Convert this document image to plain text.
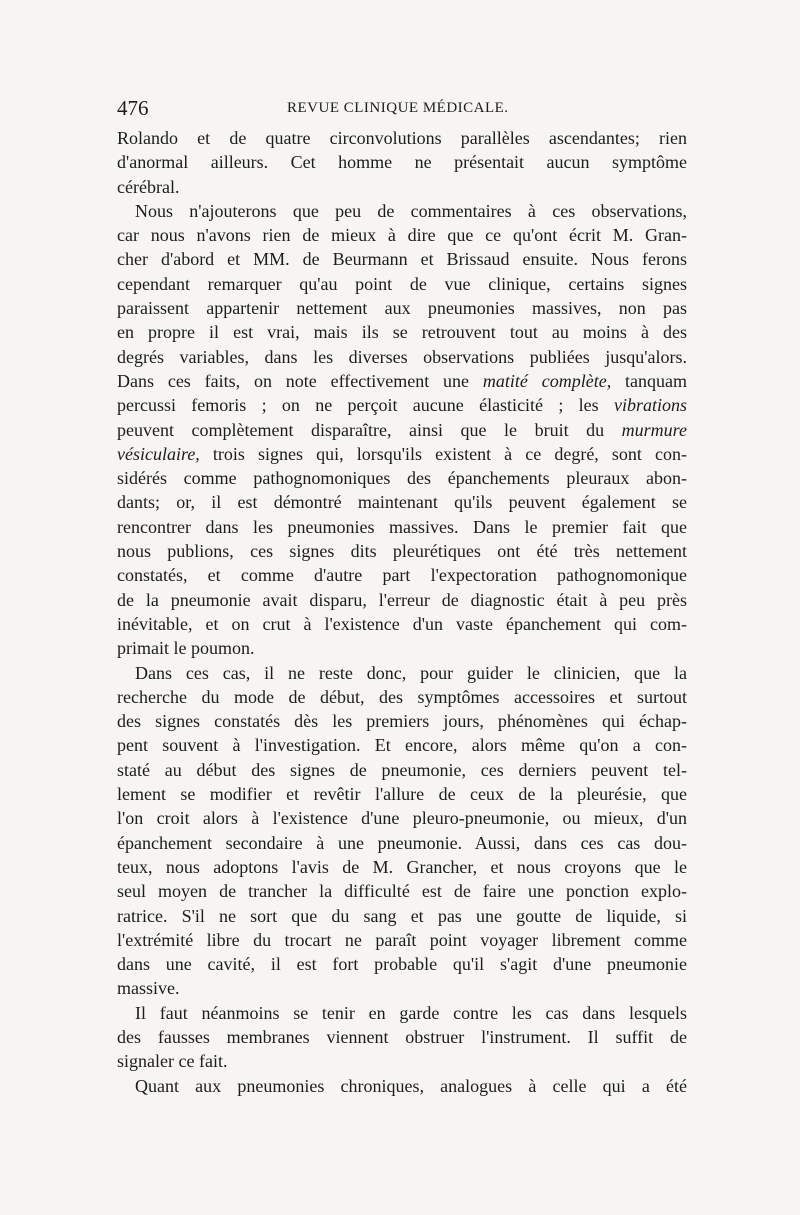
476	REVUE CLINIQUE MÉDICALE.
Rolando et de quatre circonvolutions parallèles ascendantes; rien
d'anormal ailleurs. Cet homme ne présentait aucun symptôme
cérébral.
Nous n'ajouterons que peu de commentaires à ces observations,
car nous n'avons rien de mieux à dire que ce qu'ont écrit M. Gran-
cher d'abord et MM. de Beurmann et Brissaud ensuite. Nous ferons
cependant remarquer qu'au point de vue clinique, certains signes
paraissent appartenir nettement aux pneumonies massives, non pas
en propre il est vrai, mais ils se retrouvent tout au moins à des
degrés variables, dans les diverses observations publiées jusqu'alors.
Dans ces faits, on note effectivement une matité complète, tanquam
percussi femoris ; on ne perçoit aucune élasticité ; les vibrations
peuvent complètement disparaître, ainsi que le bruit du murmure
vésiculaire, trois signes qui, lorsqu'ils existent à ce degré, sont con-
sidérés comme pathognomoniques des épanchements pleuraux abon-
dants; or, il est démontré maintenant qu'ils peuvent également se
rencontrer dans les pneumonies massives. Dans le premier fait que
nous publions, ces signes dits pleurétiques ont été très nettement
constatés, et comme d'autre part l'expectoration pathognomonique
de la pneumonie avait disparu, l'erreur de diagnostic était à peu près
inévitable, et on crut à l'existence d'un vaste épanchement qui com-
primait le poumon.
Dans ces cas, il ne reste donc, pour guider le clinicien, que la
recherche du mode de début, des symptômes accessoires et surtout
des signes constatés dès les premiers jours, phénomènes qui échap-
pent souvent à l'investigation. Et encore, alors même qu'on a con-
staté au début des signes de pneumonie, ces derniers peuvent tel-
lement se modifier et revêtir l'allure de ceux de la pleurésie, que
l'on croit alors à l'existence d'une pleuro-pneumonie, ou mieux, d'un
épanchement secondaire à une pneumonie. Aussi, dans ces cas dou-
teux, nous adoptons l'avis de M. Grancher, et nous croyons que le
seul moyen de trancher la difficulté est de faire une ponction explo-
ratrice. S'il ne sort que du sang et pas une goutte de liquide, si
l'extrémité libre du trocart ne paraît point voyager librement comme
dans une cavité, il est fort probable qu'il s'agit d'une pneumonie
massive.
Il faut néanmoins se tenir en garde contre les cas dans lesquels
des fausses membranes viennent obstruer l'instrument. Il suffit de
signaler ce fait.
Quant aux pneumonies chroniques, analogues à celle qui a été
